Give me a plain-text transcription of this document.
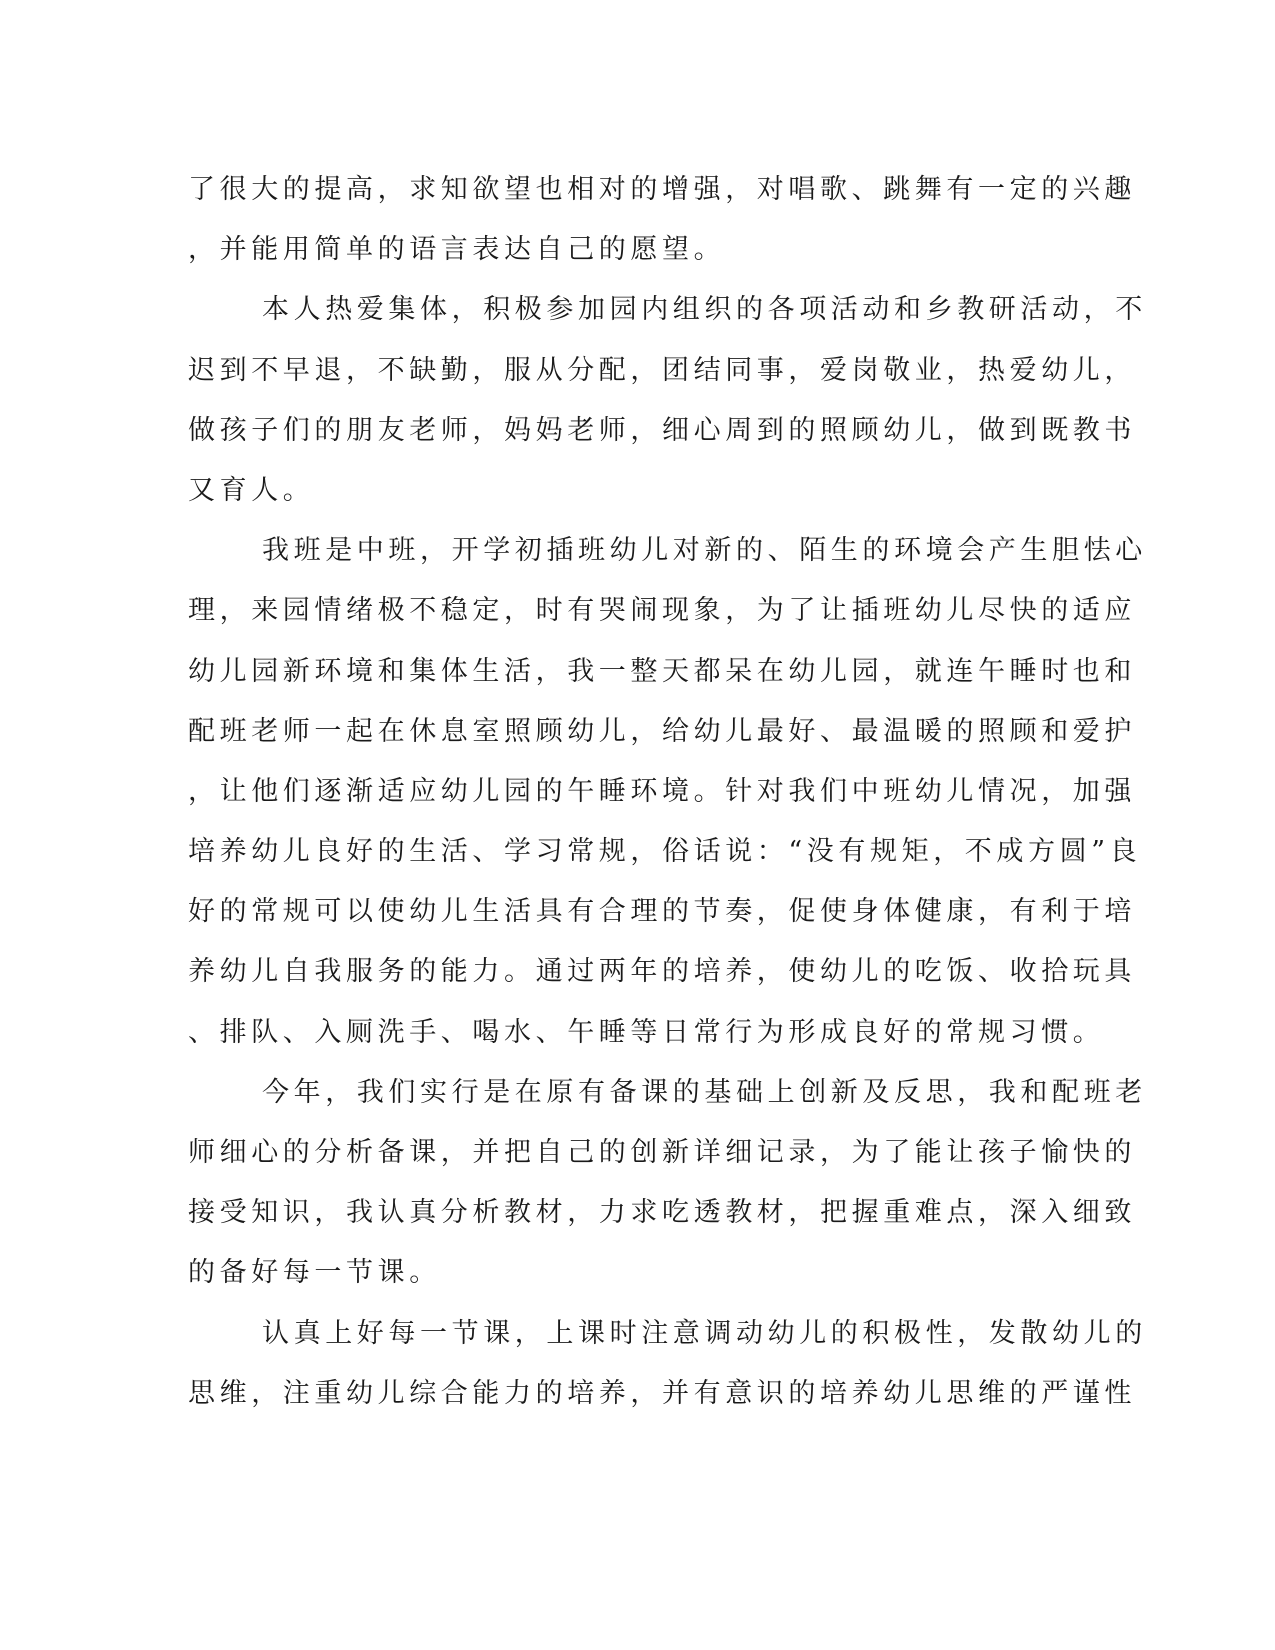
了很大的提高，求知欲望也相对的增强，对唱歌、跳舞有一定的兴趣
，并能用简单的语言表达自己的愿望。
本人热爱集体，积极参加园内组织的各项活动和乡教研活动，不
迟到不早退，不缺勤，服从分配，团结同事，爱岗敬业，热爱幼儿，
做孩子们的朋友老师，妈妈老师，细心周到的照顾幼儿，做到既教书
又育人。
我班是中班，开学初插班幼儿对新的、陌生的环境会产生胆怯心
理，来园情绪极不稳定，时有哭闹现象，为了让插班幼儿尽快的适应
幼儿园新环境和集体生活，我一整天都呆在幼儿园，就连午睡时也和
配班老师一起在休息室照顾幼儿，给幼儿最好、最温暖的照顾和爱护
，让他们逐渐适应幼儿园的午睡环境。针对我们中班幼儿情况，加强
培养幼儿良好的生活、学习常规，俗话说：“没有规矩，不成方圆”良
好的常规可以使幼儿生活具有合理的节奏，促使身体健康，有利于培
养幼儿自我服务的能力。通过两年的培养，使幼儿的吃饭、收拾玩具
、排队、入厕洗手、喝水、午睡等日常行为形成良好的常规习惯。
今年，我们实行是在原有备课的基础上创新及反思，我和配班老
师细心的分析备课，并把自己的创新详细记录，为了能让孩子愉快的
接受知识，我认真分析教材，力求吃透教材，把握重难点，深入细致
的备好每一节课。
认真上好每一节课，上课时注意调动幼儿的积极性，发散幼儿的
思维，注重幼儿综合能力的培养，并有意识的培养幼儿思维的严谨性
